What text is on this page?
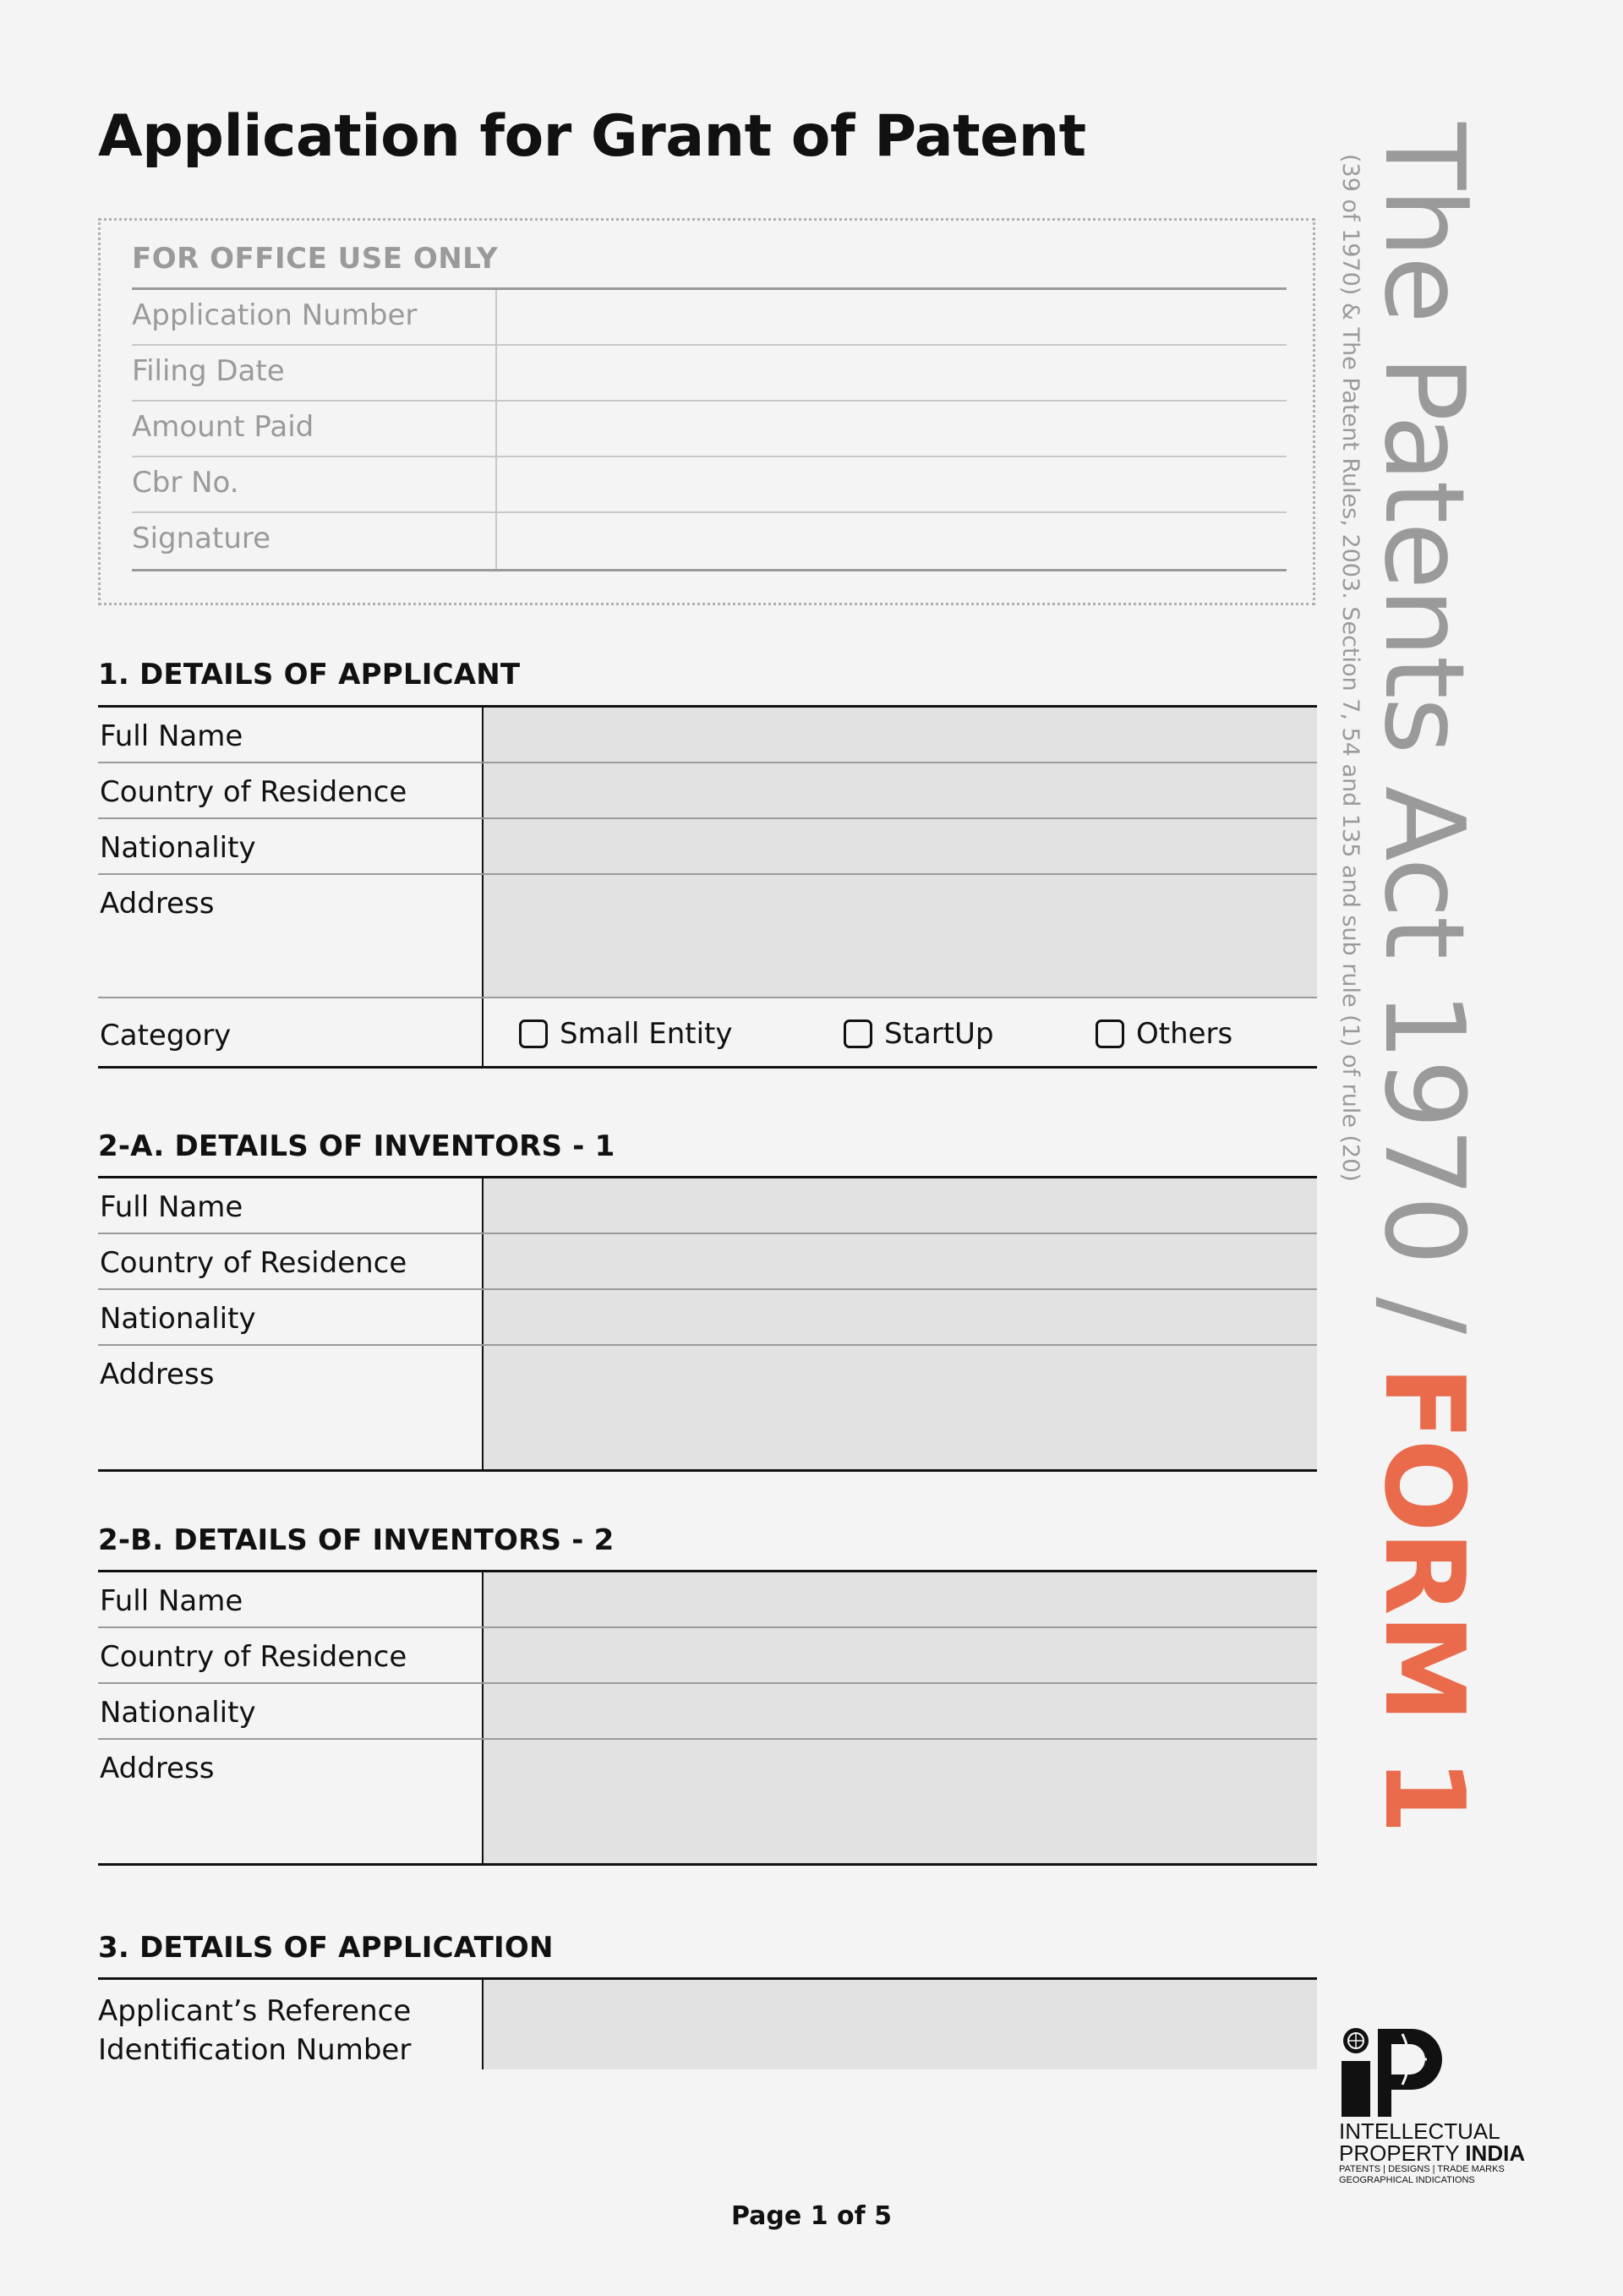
Application for Grant of Patent
FOR OFFICE USE ONLY
Application Number
Filing Date
Amount Paid
Cbr No.
Signature
1. DETAILS OF APPLICANT
Full Name
Country of Residence
Nationality
Address
Category	Small Entity	StartUp	Others
2-A. DETAILS OF INVENTORS - 1
Full Name
Country of Residence
Nationality
Address
2-B. DETAILS OF INVENTORS - 2
Full Name
Country of Residence
Nationality
Address
3. DETAILS OF APPLICATION
Applicant’s Reference
Identification Number
The Patents Act 1970 / FORM 1
(39 of 1970) & The Patent Rules, 2003. Section 7, 54 and 135 and sub rule (1) of rule (20)
INTELLECTUAL
PROPERTY INDIA
PATENTS | DESIGNS | TRADE MARKS
GEOGRAPHICAL INDICATIONS
Page 1 of 5
